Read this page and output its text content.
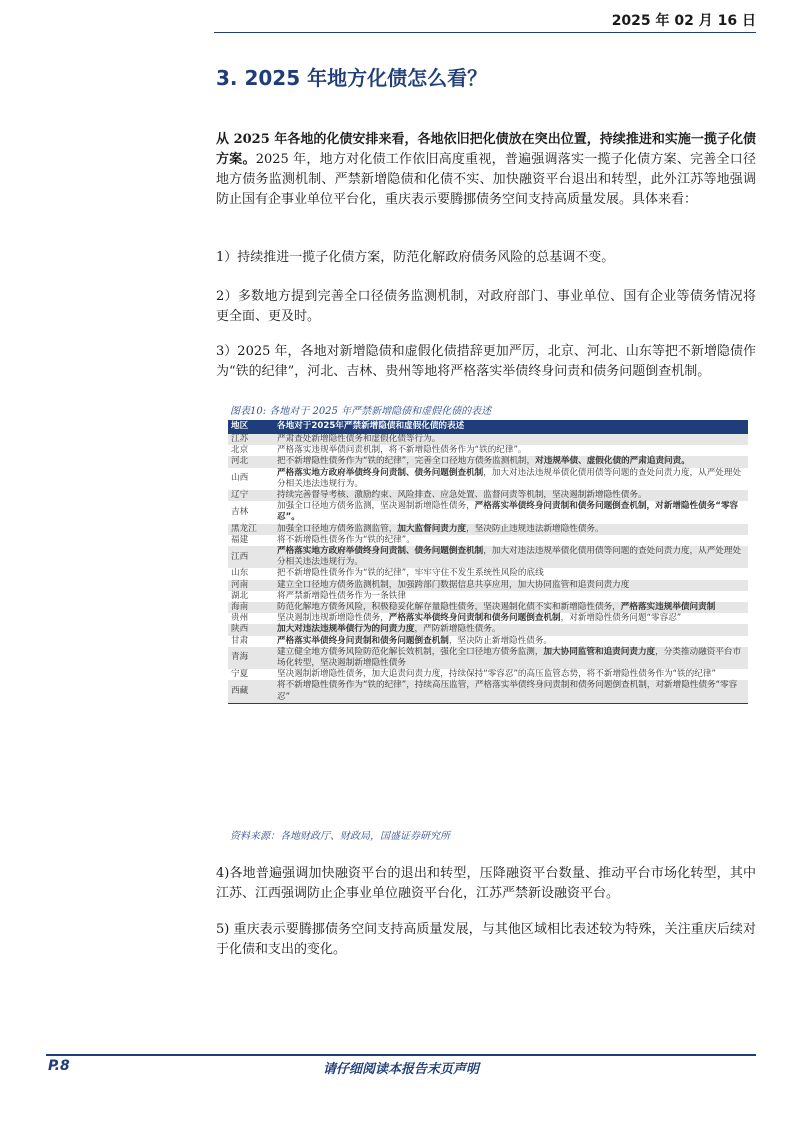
2025 年 02 月 16 日
3. 2025 年地方化债怎么看？

从 2025 年各地的化债安排来看，各地依旧把化债放在突出位置，持续推进和实施一揽子化债方案。2025 年，地方对化债工作依旧高度重视，普遍强调落实一揽子化债方案、完善全口径地方债务监测机制、严禁新增隐债和化债不实、加快融资平台退出和转型，此外江苏等地强调防止国有企事业单位平台化，重庆表示要腾挪债务空间支持高质量发展。具体来看：

1）持续推进一揽子化债方案，防范化解政府债务风险的总基调不变。

2）多数地方提到完善全口径债务监测机制，对政府部门、事业单位、国有企业等债务情况将更全面、更及时。

3）2025 年，各地对新增隐债和虚假化债措辞更加严厉，北京、河北、山东等把不新增隐债作为“铁的纪律”，河北、吉林、贵州等地将严格落实举债终身问责和债务问题倒查机制。

图表10: 各地对于 2025 年严禁新增隐债和虚假化债的表述
地区	各地对于2025年严禁新增隐债和虚假化债的表述
江苏	严肃查处新增隐性债务和虚假化债等行为。
北京	严格落实违规举债问责机制，将不新增隐性债务作为“铁的纪律”。
河北	把不新增隐性债务作为“铁的纪律”，完善全口径地方债务监测机制，对违规举债、虚假化债的严肃追责问责。
山西	严格落实地方政府举债终身问责制、债务问题倒查机制，加大对违法违规举债化债用债等问题的查处问责力度，从严处理处分相关违法违规行为。
辽宁	持续完善督导考核、激励约束、风险排查、应急处置、监督问责等机制，坚决遏制新增隐性债务。
吉林	加强全口径地方债务监测，坚决遏制新增隐性债务，严格落实举债终身问责制和债务问题倒查机制，对新增隐性债务“零容忍”。
黑龙江	加强全口径地方债务监测监管，加大监督问责力度，坚决防止违规违法新增隐性债务。
福建	将不新增隐性债务作为“铁的纪律”。
江西	严格落实地方政府举债终身问责制、债务问题倒查机制，加大对违法违规举债化债用债等问题的查处问责力度，从严处理处分相关违法违规行为。
山东	把不新增隐性债务作为“铁的纪律”，牢牢守住不发生系统性风险的底线
河南	建立全口径地方债务监测机制，加强跨部门数据信息共享应用，加大协同监管和追责问责力度
湖北	将严禁新增隐性债务作为一条铁律
海南	防范化解地方债务风险，积极稳妥化解存量隐性债务，坚决遏制化债不实和新增隐性债务，严格落实违规举债问责制
贵州	坚决遏制违规新增隐性债务，严格落实举债终身问责制和债务问题倒查机制，对新增隐性债务问题“零容忍”
陕西	加大对违法违规举债行为的问责力度，严防新增隐性债务。
甘肃	严格落实举债终身问责制和债务问题倒查机制，坚决防止新增隐性债务。
青海	建立健全地方债务风险防范化解长效机制，强化全口径地方债务监测，加大协同监管和追责问责力度，分类推动融资平台市场化转型，坚决遏制新增隐性债务
宁夏	坚决遏制新增隐性债务，加大追责问责力度，持续保持“零容忍”的高压监管态势，将不新增隐性债务作为“铁的纪律”
西藏	将不新增隐性债务作为“铁的纪律”，持续高压监管，严格落实举债终身问责制和债务问题倒查机制，对新增隐性债务“零容忍”
资料来源：各地财政厅、财政局，国盛证券研究所

4)各地普遍强调加快融资平台的退出和转型，压降融资平台数量、推动平台市场化转型，其中江苏、江西强调防止企事业单位融资平台化，江苏严禁新设融资平台。

5) 重庆表示要腾挪债务空间支持高质量发展，与其他区域相比表述较为特殊，关注重庆后续对于化债和支出的变化。

P.8	请仔细阅读本报告末页声明
